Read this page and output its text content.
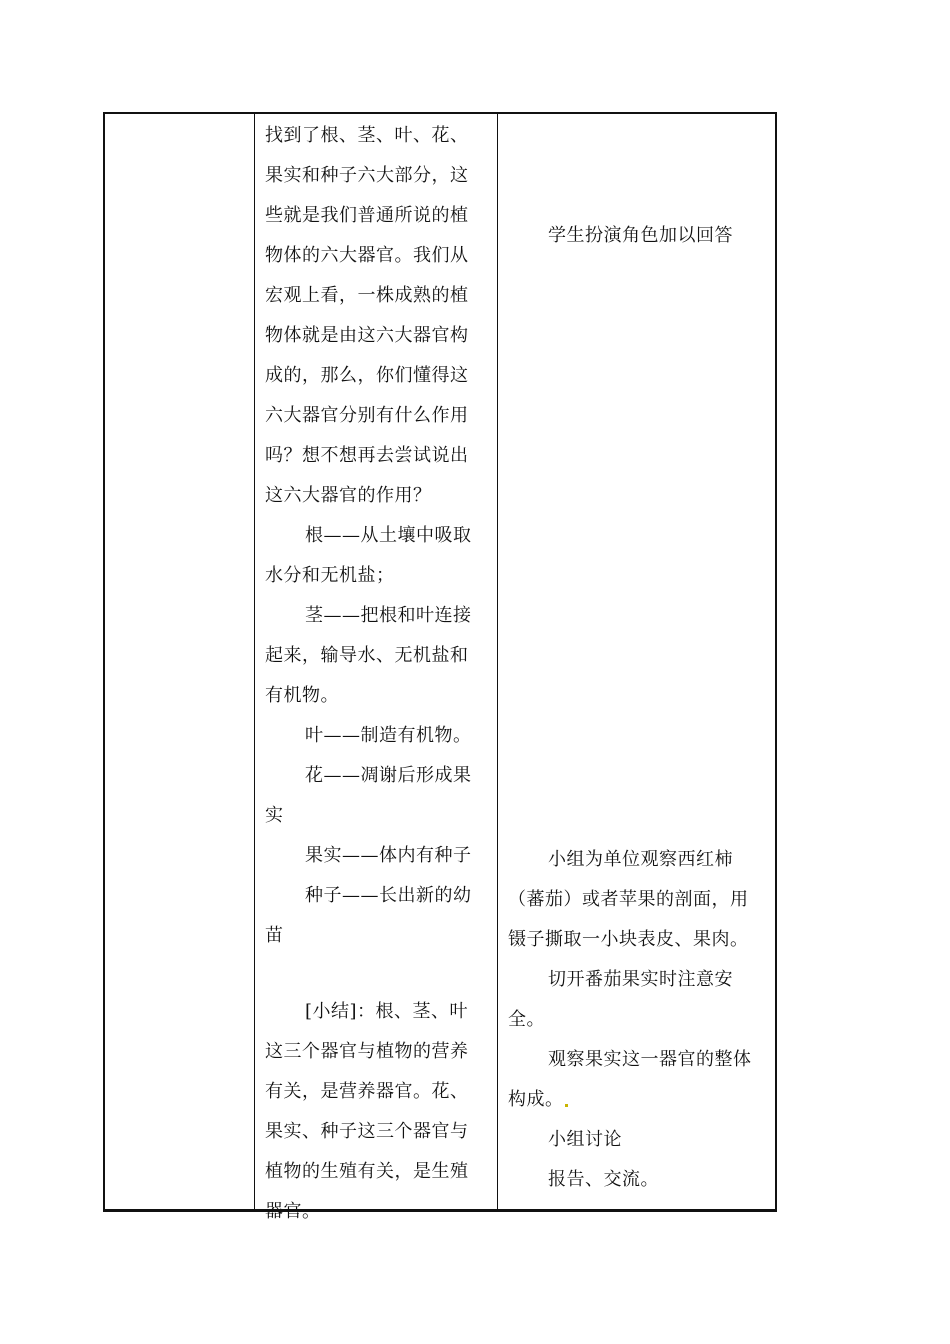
找到了根、茎、叶、花、
果实和种子六大部分，这
些就是我们普通所说的植
物体的六大器官。我们从
宏观上看，一株成熟的植
物体就是由这六大器官构
成的，那么，你们懂得这
六大器官分别有什么作用
吗？想不想再去尝试说出
这六大器官的作用？
根——从土壤中吸取
水分和无机盐；
茎——把根和叶连接
起来，输导水、无机盐和
有机物。
叶——制造有机物。
花——凋谢后形成果
实
果实——体内有种子
种子——长出新的幼
苗
[小结]：根、茎、叶
这三个器官与植物的营养
有关，是营养器官。花、
果实、种子这三个器官与
植物的生殖有关，是生殖
器官。
学生扮演角色加以回答
小组为单位观察西红柿
（蕃茄）或者苹果的剖面，用
镊子撕取一小块表皮、果肉。
切开番茄果实时注意安
全。
观察果实这一器官的整体
构成。
小组讨论
报告、交流。
